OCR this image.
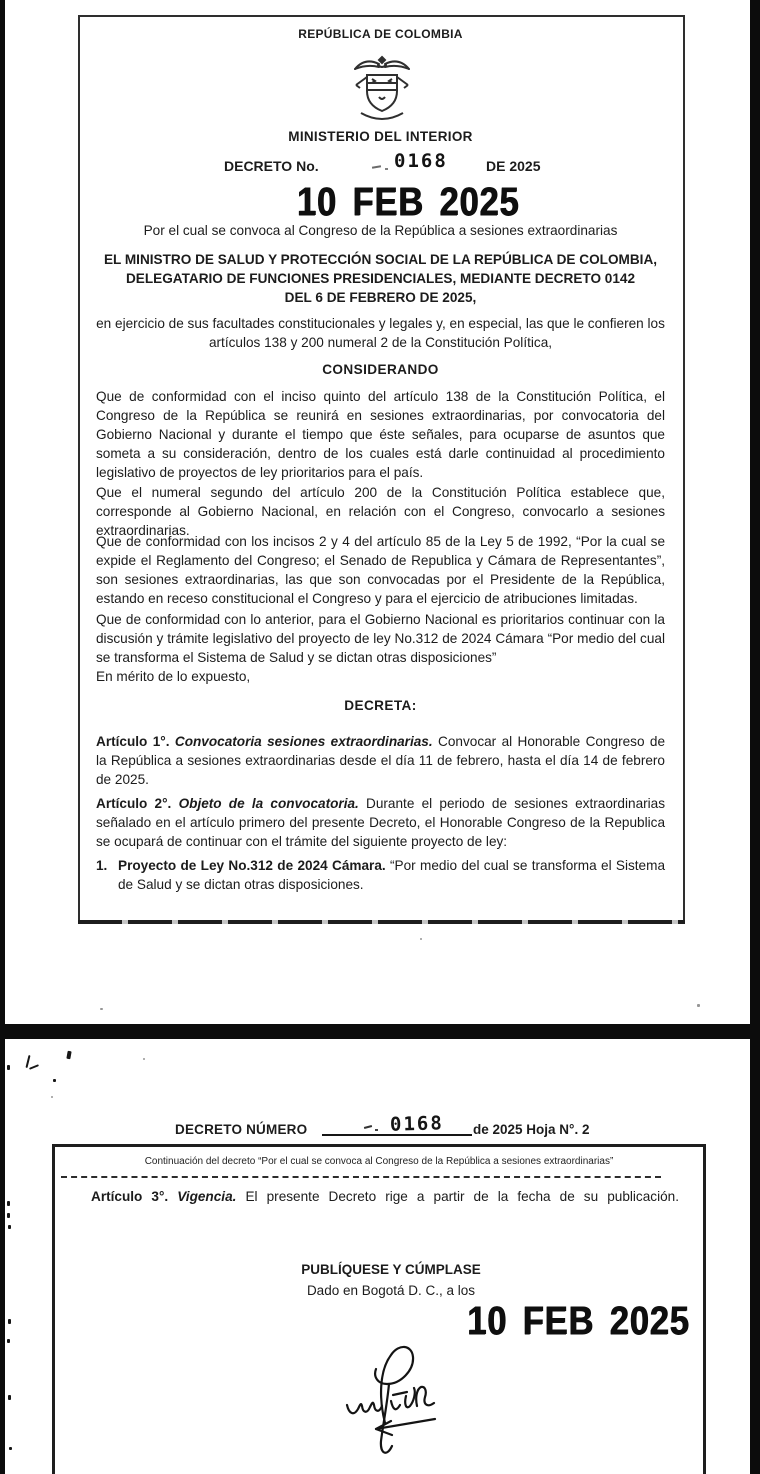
REPÚBLICA DE COLOMBIA
MINISTERIO DEL INTERIOR
DECRETO No.	0168	DE 2025
10 FEB 2025
Por el cual se convoca al Congreso de la República a sesiones extraordinarias
EL MINISTRO DE SALUD Y PROTECCIÓN SOCIAL DE LA REPÚBLICA DE COLOMBIA,
DELEGATARIO DE FUNCIONES PRESIDENCIALES, MEDIANTE DECRETO 0142
DEL 6 DE FEBRERO DE 2025,
en ejercicio de sus facultades constitucionales y legales y, en especial, las que le confieren los
artículos 138 y 200 numeral 2 de la Constitución Política,
CONSIDERANDO
Que de conformidad con el inciso quinto del artículo 138 de la Constitución Política, el Congreso de la República se reunirá en sesiones extraordinarias, por convocatoria del Gobierno Nacional y durante el tiempo que éste señales, para ocuparse de asuntos que someta a su consideración, dentro de los cuales está darle continuidad al procedimiento legislativo de proyectos de ley prioritarios para el país.
Que el numeral segundo del artículo 200 de la Constitución Política establece que, corresponde al Gobierno Nacional, en relación con el Congreso, convocarlo a sesiones extraordinarias.
Que de conformidad con los incisos 2 y 4 del artículo 85 de la Ley 5 de 1992, “Por la cual se expide el Reglamento del Congreso; el Senado de Republica y Cámara de Representantes”, son sesiones extraordinarias, las que son convocadas por el Presidente de la República, estando en receso constitucional el Congreso y para el ejercicio de atribuciones limitadas.
Que de conformidad con lo anterior, para el Gobierno Nacional es prioritarios continuar con la discusión y trámite legislativo del proyecto de ley No.312 de 2024 Cámara “Por medio del cual se transforma el Sistema de Salud y se dictan otras disposiciones”
En mérito de lo expuesto,
DECRETA:
Artículo 1°. Convocatoria sesiones extraordinarias. Convocar al Honorable Congreso de la República a sesiones extraordinarias desde el día 11 de febrero, hasta el día 14 de febrero de 2025.
Artículo 2°. Objeto de la convocatoria. Durante el periodo de sesiones extraordinarias señalado en el artículo primero del presente Decreto, el Honorable Congreso de la Republica se ocupará de continuar con el trámite del siguiente proyecto de ley:
1. Proyecto de Ley No.312 de 2024 Cámara. “Por medio del cual se transforma el Sistema de Salud y se dictan otras disposiciones.
DECRETO NÚMERO	0168 de 2025 Hoja N°. 2
Continuación del decreto “Por el cual se convoca al Congreso de la República a sesiones extraordinarias”
Artículo 3°. Vigencia. El presente Decreto rige a partir de la fecha de su publicación.
PUBLÍQUESE Y CÚMPLASE
Dado en Bogotá D. C., a los
10 FEB 2025
